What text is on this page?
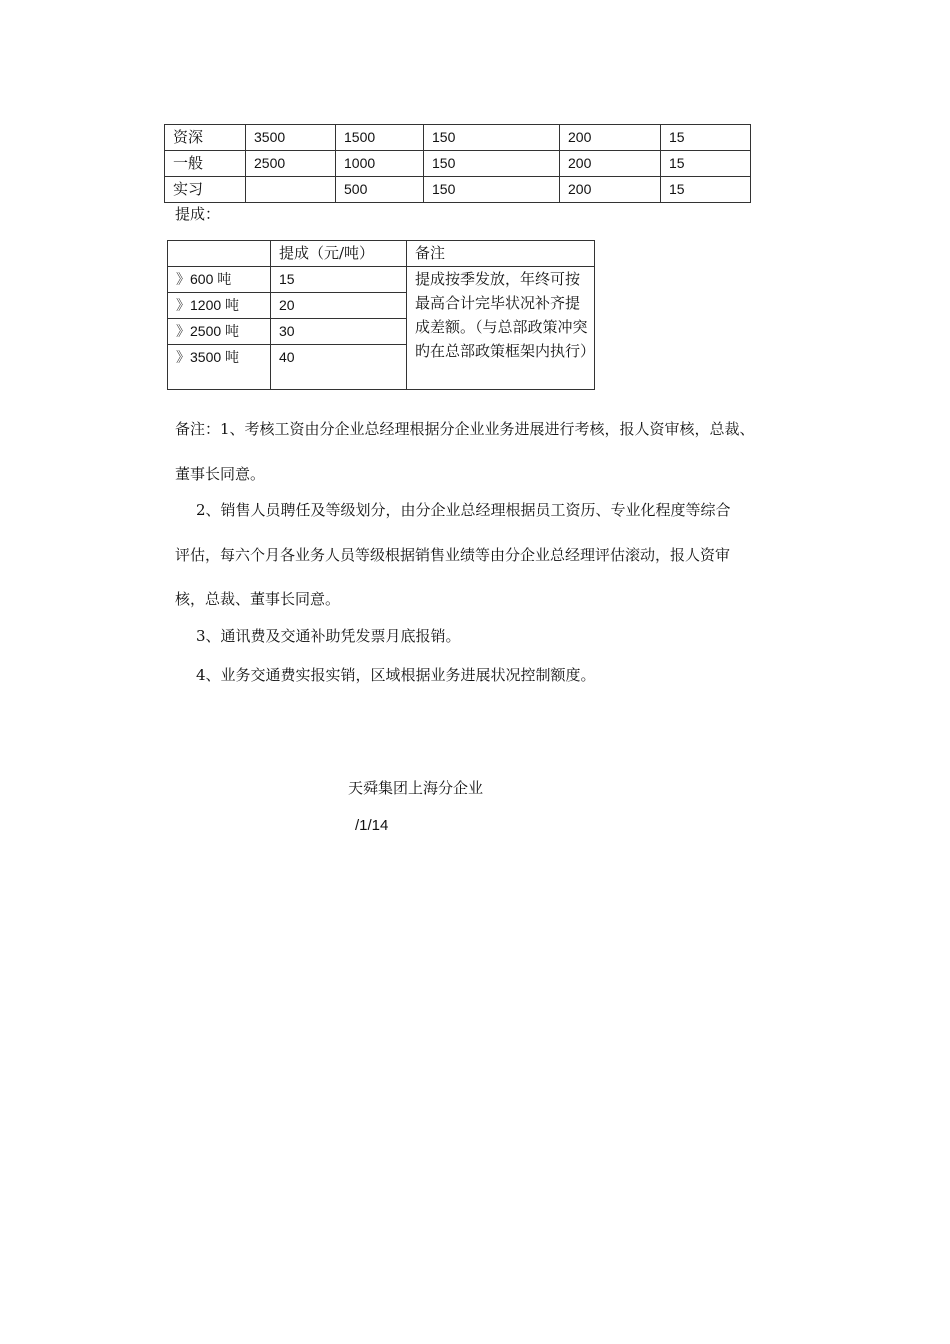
资深	3500	1500	150	200	15
一般	2500	1000	150	200	15
实习		500	150	200	15
提成：
	提成（元/吨）	备注
》600 吨	15	提成按季发放，年终可按最高合计完毕状况补齐提成差额。（与总部政策冲突旳在总部政策框架内执行）
》1200 吨	20	
》2500 吨	30	
》3500 吨	40	
备注：1、考核工资由分企业总经理根据分企业业务进展进行考核，报人资审核，总裁、
董事长同意。
2、销售人员聘任及等级划分，由分企业总经理根据员工资历、专业化程度等综合
评估，每六个月各业务人员等级根据销售业绩等由分企业总经理评估滚动，报人资审
核，总裁、董事长同意。
3、通讯费及交通补助凭发票月底报销。
4、业务交通费实报实销，区域根据业务进展状况控制额度。
天舜集团上海分企业
/1/14
